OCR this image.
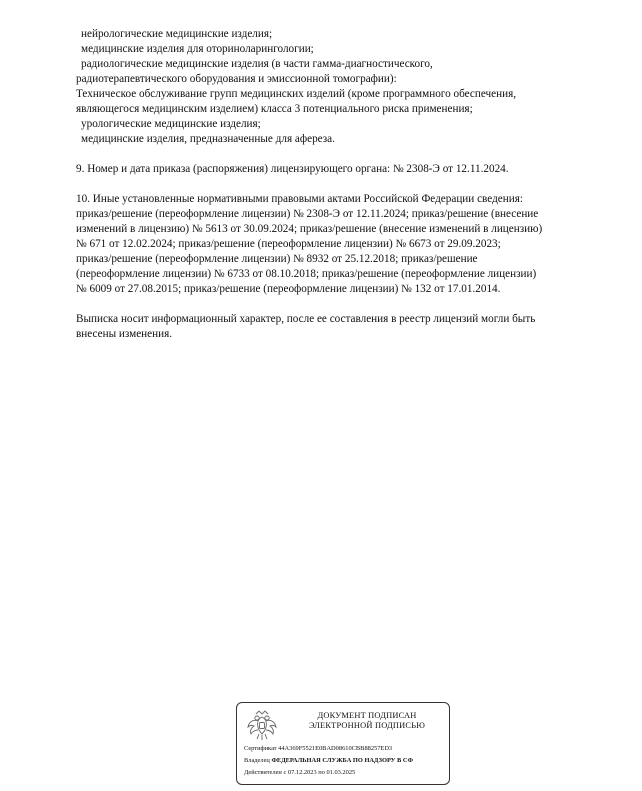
нейрологические медицинские изделия;
медицинские изделия для оториноларингологии;
радиологические медицинские изделия (в части гамма-диагностического,
радиотерапевтического оборудования и эмиссионной томографии):
Техническое обслуживание групп медицинских изделий (кроме программного обеспечения,
являющегося медицинским изделием) класса 3 потенциального риска применения;
урологические медицинские изделия;
медицинские изделия, предназначенные для афереза.
9. Номер и дата приказа (распоряжения) лицензирующего органа: № 2308-Э от 12.11.2024.
10. Иные установленные нормативными правовыми актами Российской Федерации сведения:
приказ/решение (переоформление лицензии) № 2308-Э от 12.11.2024; приказ/решение (внесение
изменений в лицензию) № 5613 от 30.09.2024; приказ/решение (внесение изменений в лицензию)
№ 671 от 12.02.2024; приказ/решение (переоформление лицензии) № 6673 от 29.09.2023;
приказ/решение (переоформление лицензии) № 8932 от 25.12.2018; приказ/решение
(переоформление лицензии) № 6733 от 08.10.2018; приказ/решение (переоформление лицензии)
№ 6009 от 27.08.2015; приказ/решение (переоформление лицензии) № 132 от 17.01.2014.
Выписка носит информационный характер, после ее составления в реестр лицензий могли быть
внесены изменения.
ДОКУМЕНТ ПОДПИСАН
ЭЛЕКТРОННОЙ ПОДПИСЬЮ
Сертификат 44A369F5521E0BAD08610CBB88257ED3
Владелец ФЕДЕРАЛЬНАЯ СЛУЖБА ПО НАДЗОРУ В СФ
Действителен с 07.12.2023 по 01.03.2025
